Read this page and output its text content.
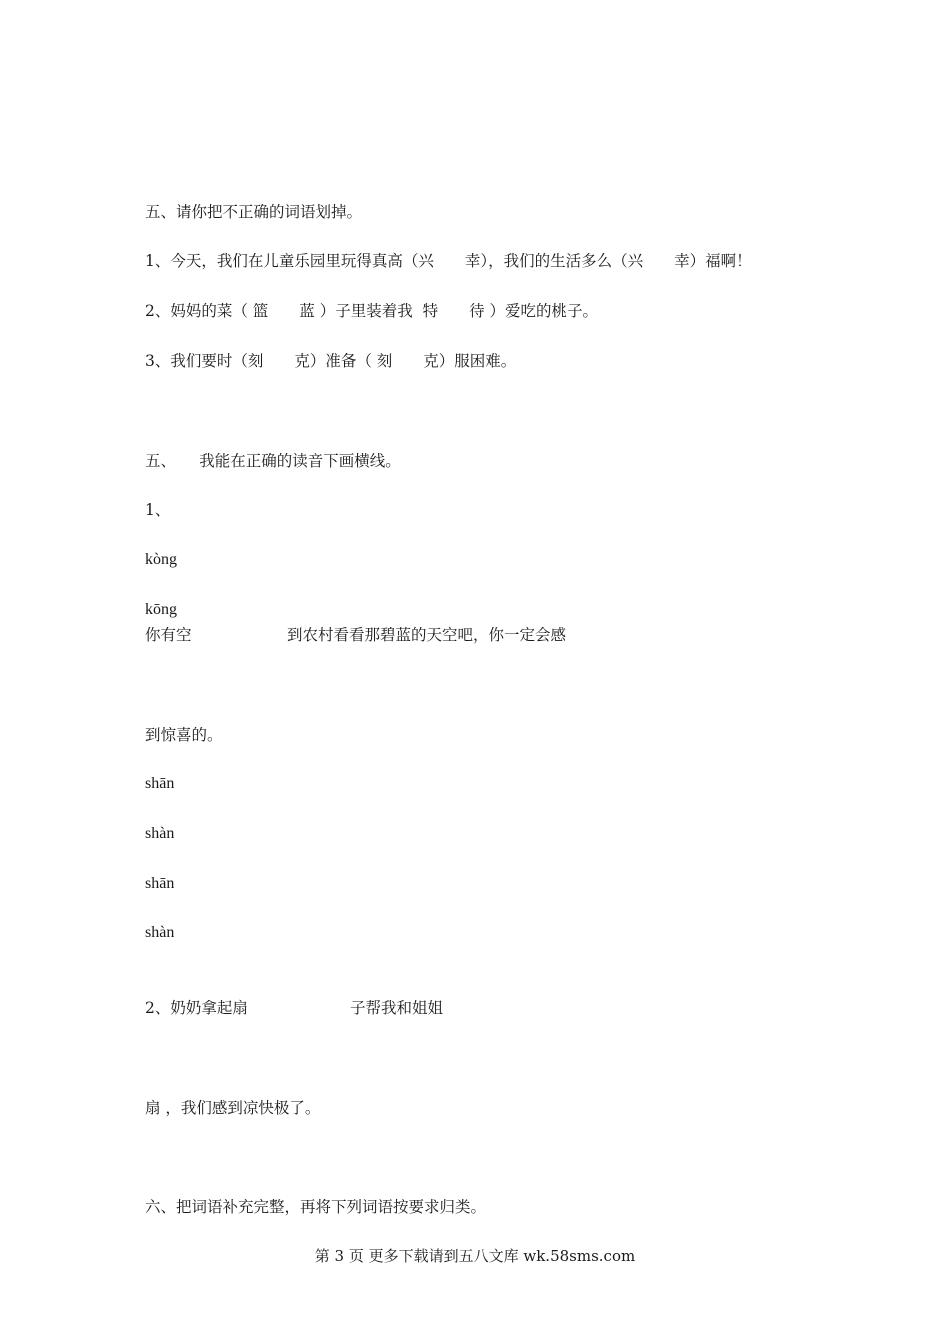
五、请你把不正确的词语划掉。

1、今天，我们在儿童乐园里玩得真高（兴　　幸），我们的生活多么（兴　　幸）福啊！

2、妈妈的菜（ 篮　　蓝 ）子里装着我  特　　待 ）爱吃的桃子。

3、我们要时（刻　　克）准备（ 刻　　克）服困难。

五、　　我能在正确的读音下画横线。

1、

kòng

kōng

你有空	到农村看看那碧蓝的天空吧，你一定会感

到惊喜的。

shān

shàn

shān

shàn

2、奶奶拿起扇	子帮我和姐姐

扇 ，我们感到凉快极了。

六、把词语补充完整，再将下列词语按要求归类。

第 3 页 更多下载请到五八文库 wk.58sms.com
